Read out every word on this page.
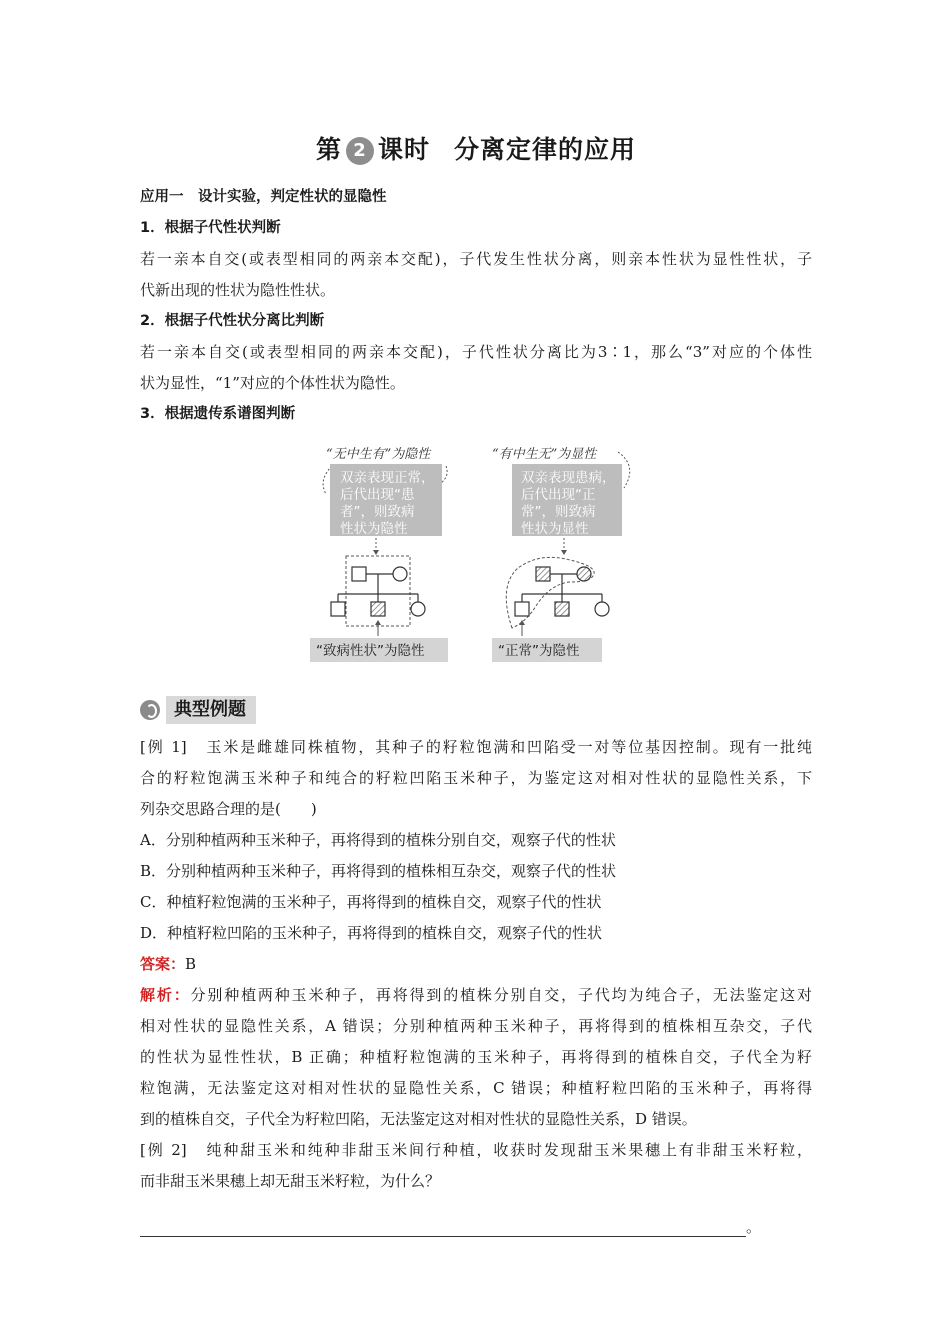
第 2 课时 分离定律的应用
应用一　设计实验，判定性状的显隐性
1．根据子代性状判断
若一亲本自交(或表型相同的两亲本交配)，子代发生性状分离，则亲本性状为显性性状，子
代新出现的性状为隐性性状。
2．根据子代性状分离比判断
若一亲本自交(或表型相同的两亲本交配)，子代性状分离比为3∶1，那么“3”对应的个体性
状为显性，“1”对应的个体性状为隐性。
3．根据遗传系谱图判断
“无中生有”为隐性
双亲表现正常，
后代出现“患
者”，则致病
性状为隐性
“致病性状”为隐性
“有中生无”为显性
双亲表现患病，
后代出现“正
常”，则致病
性状为显性
“正常”为隐性
典型例题
[例 1] 玉米是雌雄同株植物，其种子的籽粒饱满和凹陷受一对等位基因控制。现有一批纯
合的籽粒饱满玉米种子和纯合的籽粒凹陷玉米种子，为鉴定这对相对性状的显隐性关系，下
列杂交思路合理的是(　　)
A．分别种植两种玉米种子，再将得到的植株分别自交，观察子代的性状
B．分别种植两种玉米种子，再将得到的植株相互杂交，观察子代的性状
C．种植籽粒饱满的玉米种子，再将得到的植株自交，观察子代的性状
D．种植籽粒凹陷的玉米种子，再将得到的植株自交，观察子代的性状
答案：B
解析：分别种植两种玉米种子，再将得到的植株分别自交，子代均为纯合子，无法鉴定这对
相对性状的显隐性关系，A 错误；分别种植两种玉米种子，再将得到的植株相互杂交，子代
的性状为显性性状，B 正确；种植籽粒饱满的玉米种子，再将得到的植株自交，子代全为籽
粒饱满，无法鉴定这对相对性状的显隐性关系，C 错误；种植籽粒凹陷的玉米种子，再将得
到的植株自交，子代全为籽粒凹陷，无法鉴定这对相对性状的显隐性关系，D 错误。
[例 2] 纯种甜玉米和纯种非甜玉米间行种植，收获时发现甜玉米果穗上有非甜玉米籽粒，
而非甜玉米果穗上却无甜玉米籽粒，为什么？
。
